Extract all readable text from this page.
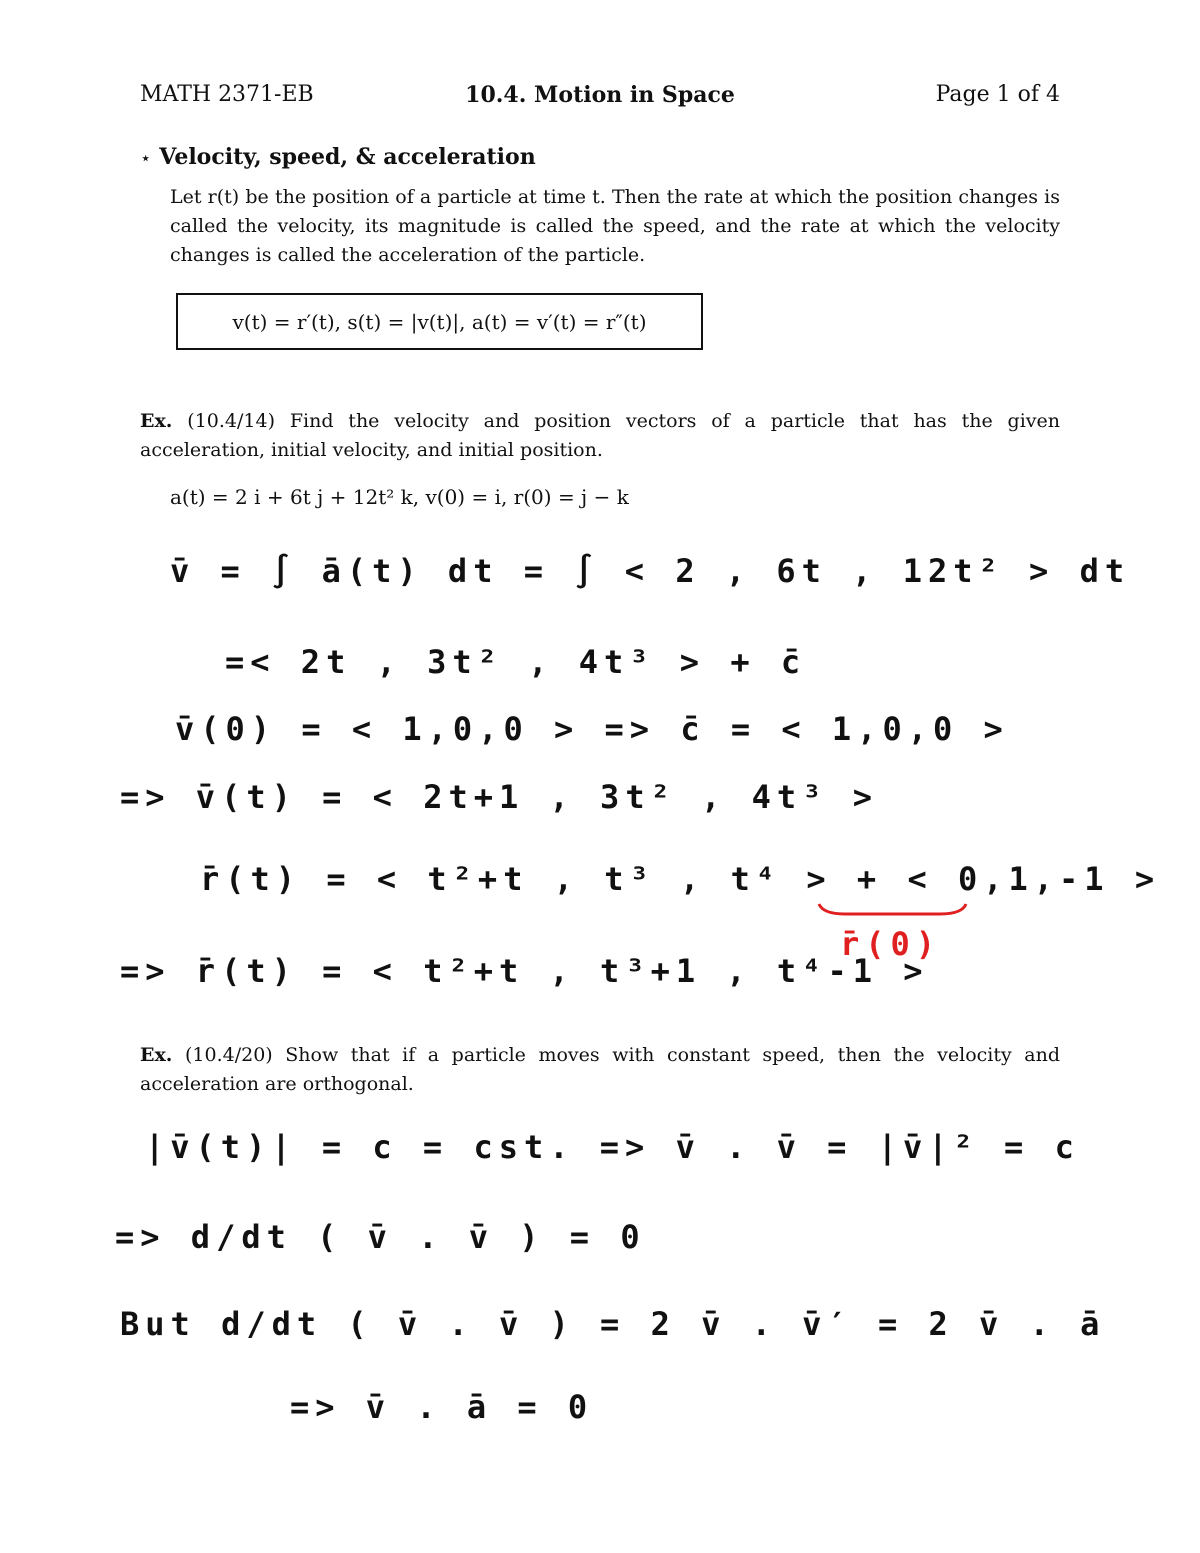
MATH 2371-EB	10.4. Motion in Space	Page 1 of 4
⋆ Velocity, speed, & acceleration
Let r(t) be the position of a particle at time t. Then the rate at which the position changes is called the velocity, its magnitude is called the speed, and the rate at which the velocity changes is called the acceleration of the particle.
v(t) = r′(t), s(t) = |v(t)|, a(t) = v′(t) = r″(t)
Ex. (10.4/14) Find the velocity and position vectors of a particle that has the given acceleration, initial velocity, and initial position.
a(t) = 2 i + 6t j + 12t² k, v(0) = i, r(0) = j − k
v̄ = ∫ ā(t) dt = ∫ < 2 , 6t , 12t² > dt
=< 2t , 3t² , 4t³ > + c̄
v̄(0) = < 1,0,0 > => c̄ = < 1,0,0 >
=> v̄(t) = < 2t+1 , 3t² , 4t³ >
r̄(t) = < t²+t , t³ , t⁴ > + < 0,1,-1 >
r̄(0)
=> r̄(t) = < t²+t , t³+1 , t⁴-1 >
Ex. (10.4/20) Show that if a particle moves with constant speed, then the velocity and acceleration are orthogonal.
|v̄(t)| = c = cst. => v̄ . v̄ = |v̄|² = c
=> d/dt ( v̄ . v̄ ) = 0
But d/dt ( v̄ . v̄ ) = 2 v̄ . v̄′ = 2 v̄ . ā
=> v̄ . ā = 0
